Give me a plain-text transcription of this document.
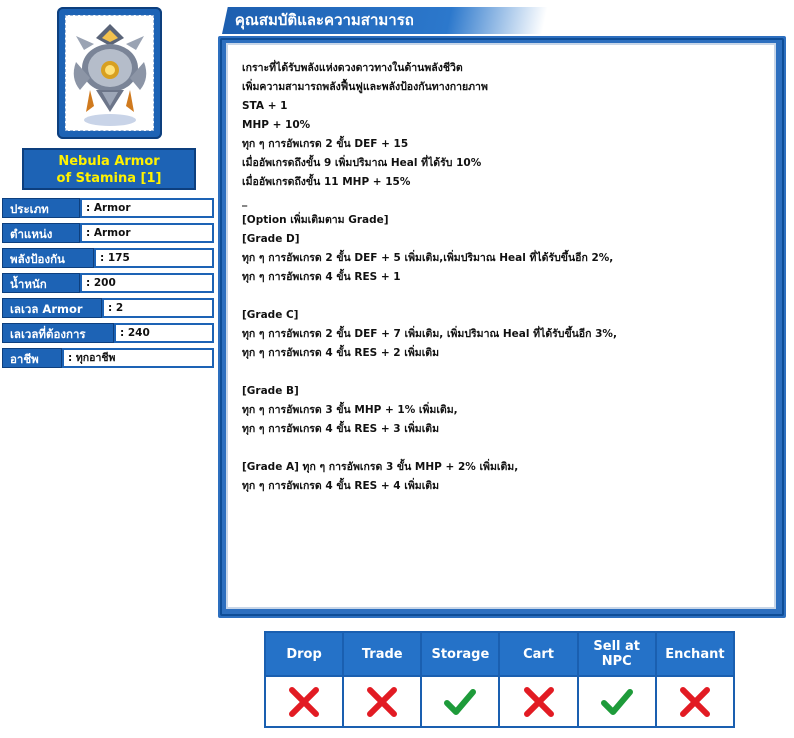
Nebula Armor
of Stamina [1]
ประเภท	: Armor
ตำแหน่ง	: Armor
พลังป้องกัน	: 175
น้ำหนัก	: 200
เลเวล Armor	: 2
เลเวลที่ต้องการ	: 240
อาชีพ	: ทุกอาชีพ
คุณสมบัติและความสามารถ
เกราะที่ได้รับพลังแห่งดวงดาวทางในด้านพลังชีวิต
เพิ่มความสามารถพลังฟื้นฟูและพลังป้องกันทางกายภาพ
STA + 1
MHP + 10%
ทุก ๆ การอัพเกรด 2 ขั้น DEF + 15
เมื่ออัพเกรดถึงขั้น 9 เพิ่มปริมาณ Heal ที่ได้รับ 10%
เมื่ออัพเกรดถึงขั้น 11 MHP + 15%
_
[Option เพิ่มเติมตาม Grade]
[Grade D]
ทุก ๆ การอัพเกรด 2 ขั้น DEF + 5 เพิ่มเติม,เพิ่มปริมาณ Heal ที่ได้รับขึ้นอีก 2%,
ทุก ๆ การอัพเกรด 4 ขั้น RES + 1
[Grade C]
ทุก ๆ การอัพเกรด 2 ขั้น DEF + 7 เพิ่มเติม, เพิ่มปริมาณ Heal ที่ได้รับขึ้นอีก 3%,
ทุก ๆ การอัพเกรด 4 ขั้น RES + 2 เพิ่มเติม
[Grade B]
ทุก ๆ การอัพเกรด 3 ขั้น MHP + 1% เพิ่มเติม,
ทุก ๆ การอัพเกรด 4 ขั้น RES + 3 เพิ่มเติม
[Grade A] ทุก ๆ การอัพเกรด 3 ขั้น MHP + 2% เพิ่มเติม,
ทุก ๆ การอัพเกรด 4 ขั้น RES + 4 เพิ่มเติม
Drop	Trade	Storage	Cart	Sell at NPC	Enchant
